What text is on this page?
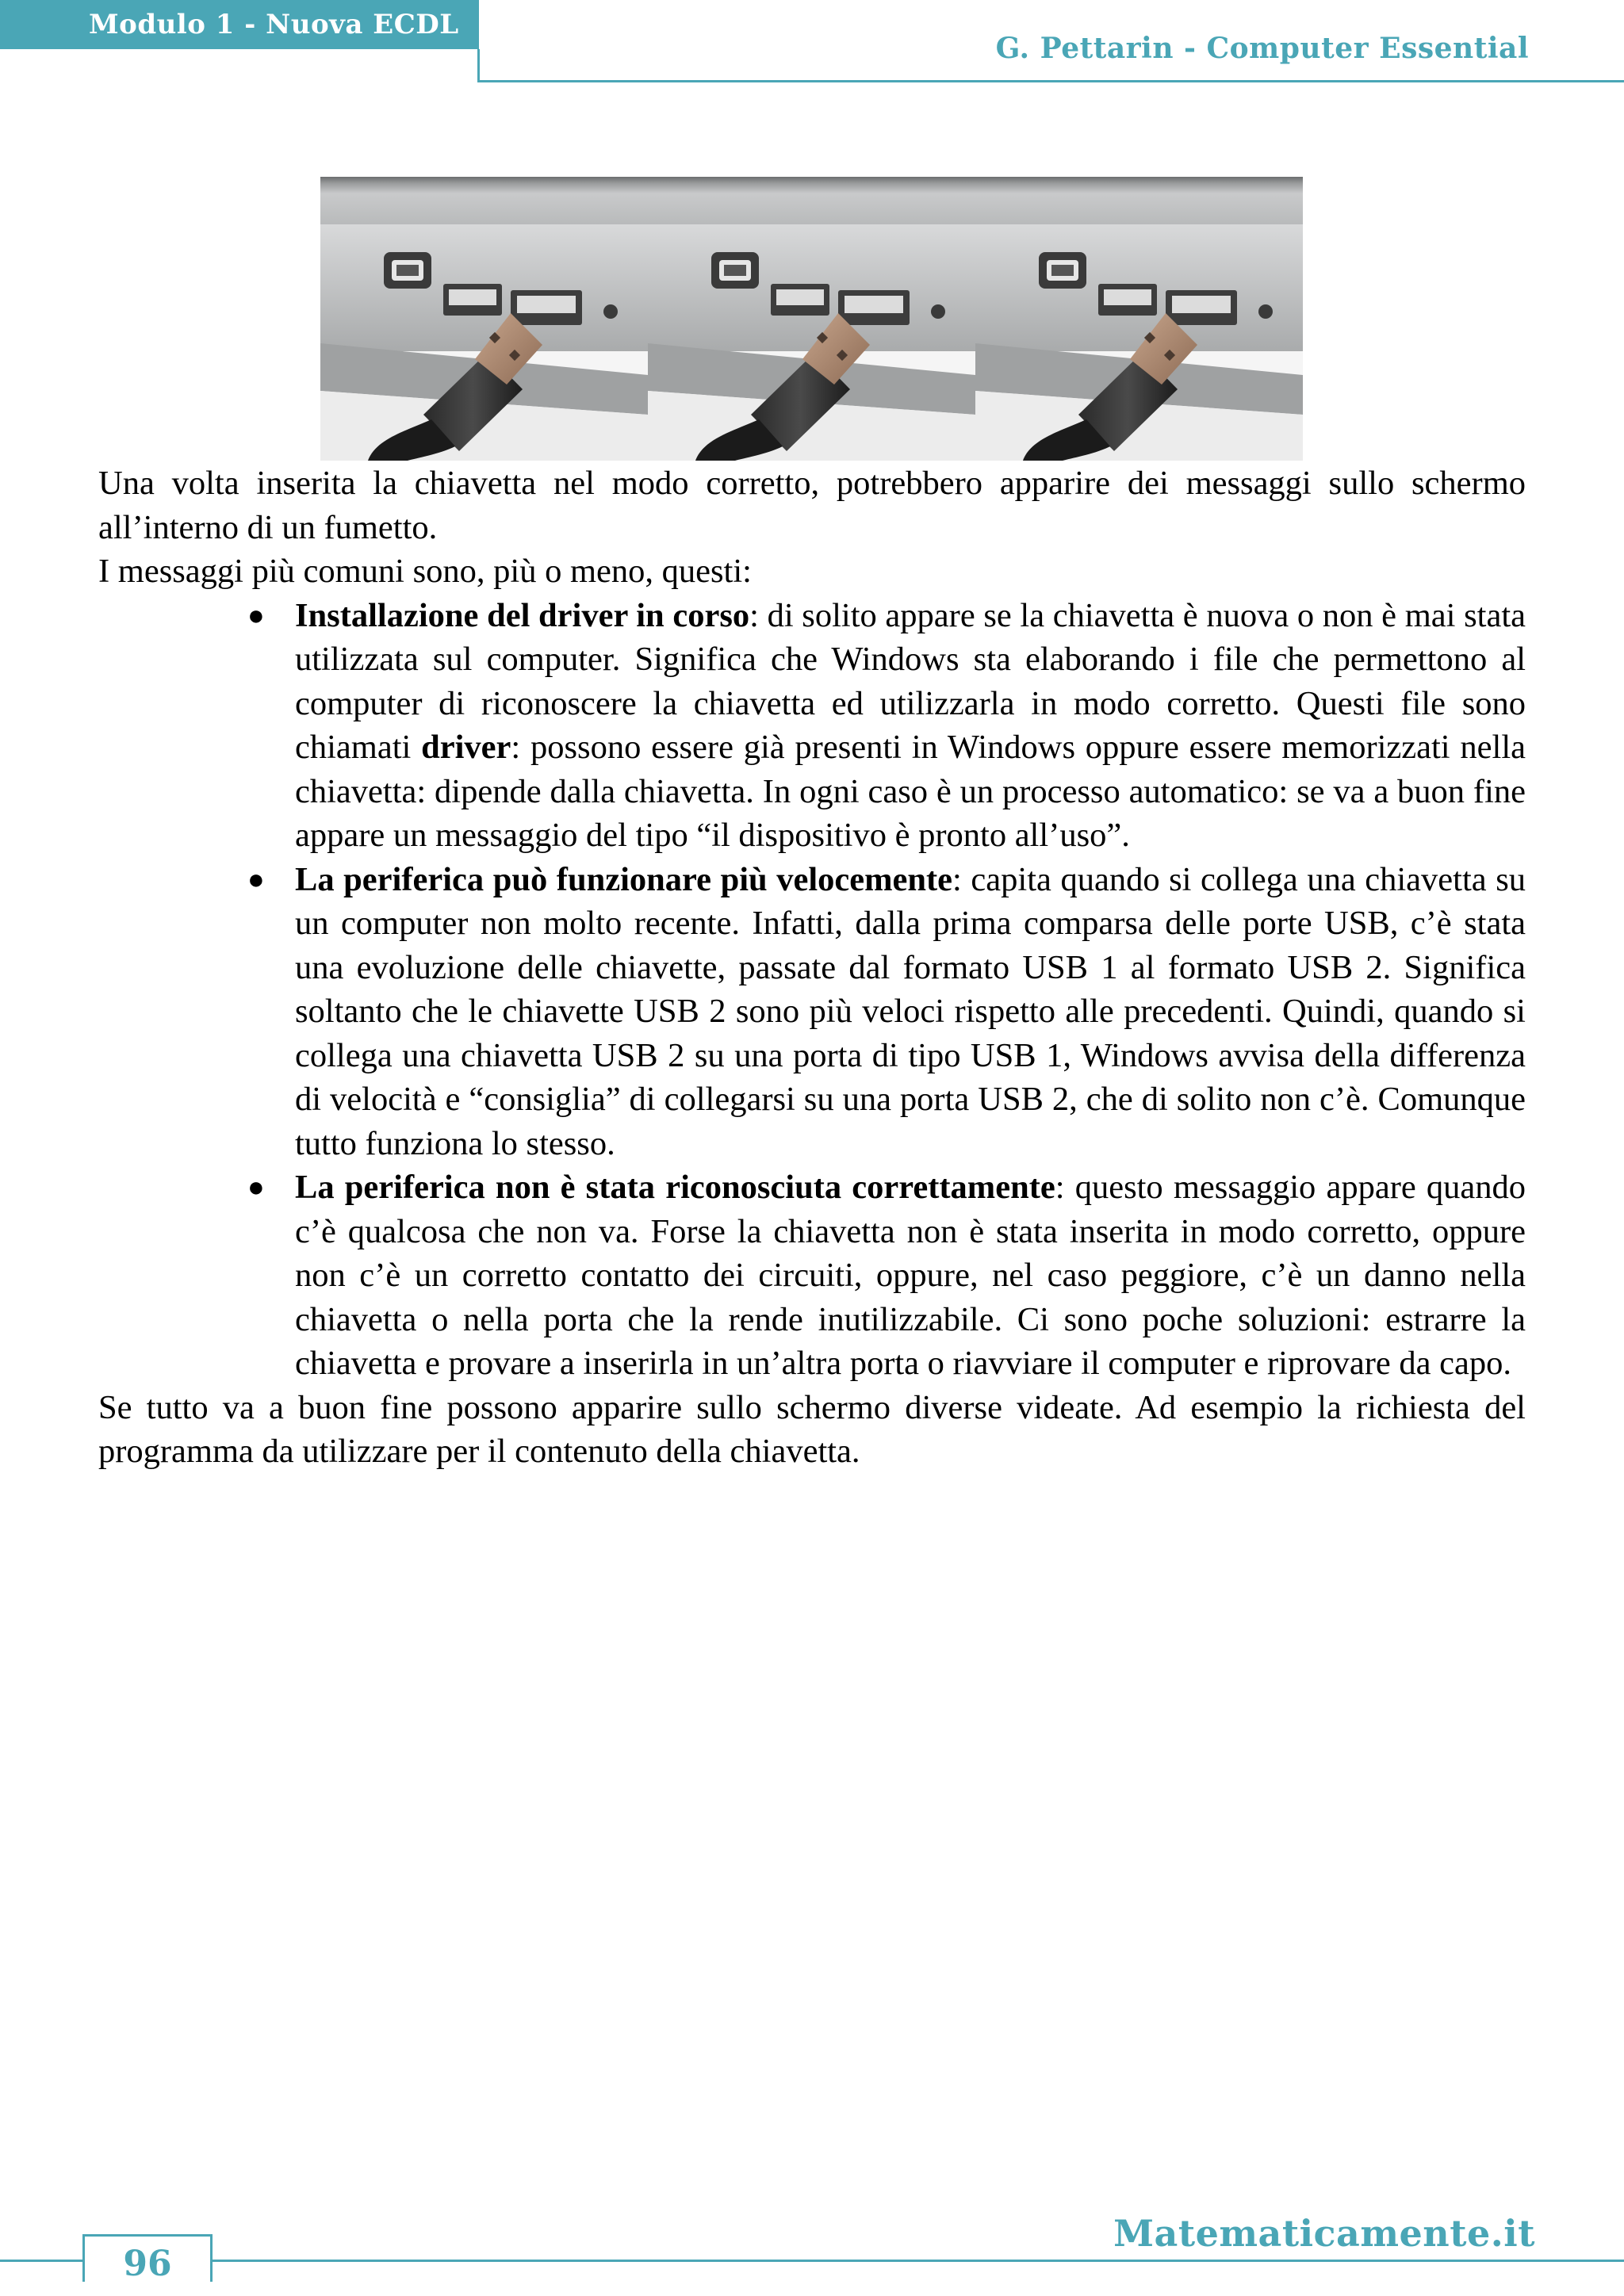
Modulo 1 - Nuova ECDL
G. Pettarin - Computer Essential

Una volta inserita la chiavetta nel modo corretto, potrebbero apparire dei messaggi sullo schermo all’interno di un fumetto.

I messaggi più comuni sono, più o meno, questi:

● Installazione del driver in corso: di solito appare se la chiavetta è nuova o non è mai stata utilizzata sul computer. Significa che Windows sta elaborando i file che permettono al computer di riconoscere la chiavetta ed utilizzarla in modo corretto. Questi file sono chiamati driver: possono essere già presenti in Windows oppure essere memorizzati nella chiavetta: dipende dalla chiavetta. In ogni caso è un processo automatico: se va a buon fine appare un messaggio del tipo “il dispositivo è pronto all’uso”.
● La periferica può funzionare più velocemente: capita quando si collega una chiavetta su un computer non molto recente. Infatti, dalla prima comparsa delle porte USB, c’è stata una evoluzione delle chiavette, passate dal formato USB 1 al formato USB 2. Significa soltanto che le chiavette USB 2 sono più veloci rispetto alle precedenti. Quindi, quando si collega una chiavetta USB 2 su una porta di tipo USB 1, Windows avvisa della differenza di velocità e “consiglia” di collegarsi su una porta USB 2, che di solito non c’è. Comunque tutto funziona lo stesso.
● La periferica non è stata riconosciuta correttamente: questo messaggio appare quando c’è qualcosa che non va. Forse la chiavetta non è stata inserita in modo corretto, oppure non c’è un corretto contatto dei circuiti, oppure, nel caso peggiore, c’è un danno nella chiavetta o nella porta che la rende inutilizzabile. Ci sono poche soluzioni: estrarre la chiavetta e provare a inserirla in un’altra porta o riavviare il computer e riprovare da capo.

Se tutto va a buon fine possono apparire sullo schermo diverse videate. Ad esempio la richiesta del programma da utilizzare per il contenuto della chiavetta.

Matematicamente.it
96
